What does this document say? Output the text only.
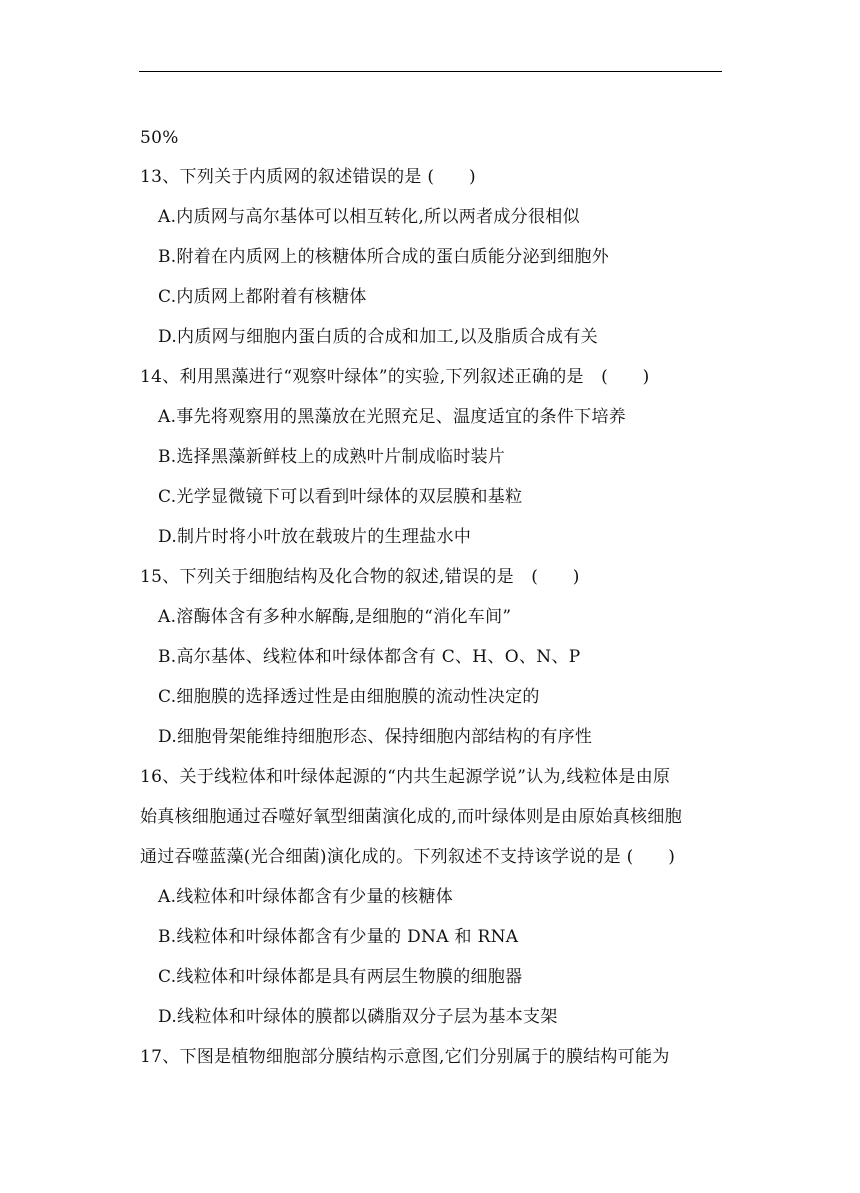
50%
13、下列关于内质网的叙述错误的是 (　　)
A.内质网与高尔基体可以相互转化,所以两者成分很相似
B.附着在内质网上的核糖体所合成的蛋白质能分泌到细胞外
C.内质网上都附着有核糖体
D.内质网与细胞内蛋白质的合成和加工,以及脂质合成有关
14、利用黑藻进行“观察叶绿体”的实验,下列叙述正确的是　(　　)
A.事先将观察用的黑藻放在光照充足、温度适宜的条件下培养
B.选择黑藻新鲜枝上的成熟叶片制成临时装片
C.光学显微镜下可以看到叶绿体的双层膜和基粒
D.制片时将小叶放在载玻片的生理盐水中
15、下列关于细胞结构及化合物的叙述,错误的是　(　　)
A.溶酶体含有多种水解酶,是细胞的“消化车间”
B.高尔基体、线粒体和叶绿体都含有 C、H、O、N、P
C.细胞膜的选择透过性是由细胞膜的流动性决定的
D.细胞骨架能维持细胞形态、保持细胞内部结构的有序性
16、关于线粒体和叶绿体起源的“内共生起源学说”认为,线粒体是由原
始真核细胞通过吞噬好氧型细菌演化成的,而叶绿体则是由原始真核细胞
通过吞噬蓝藻(光合细菌)演化成的。下列叙述不支持该学说的是 (　　)
A.线粒体和叶绿体都含有少量的核糖体
B.线粒体和叶绿体都含有少量的 DNA 和 RNA
C.线粒体和叶绿体都是具有两层生物膜的细胞器
D.线粒体和叶绿体的膜都以磷脂双分子层为基本支架
17、下图是植物细胞部分膜结构示意图,它们分别属于的膜结构可能为
